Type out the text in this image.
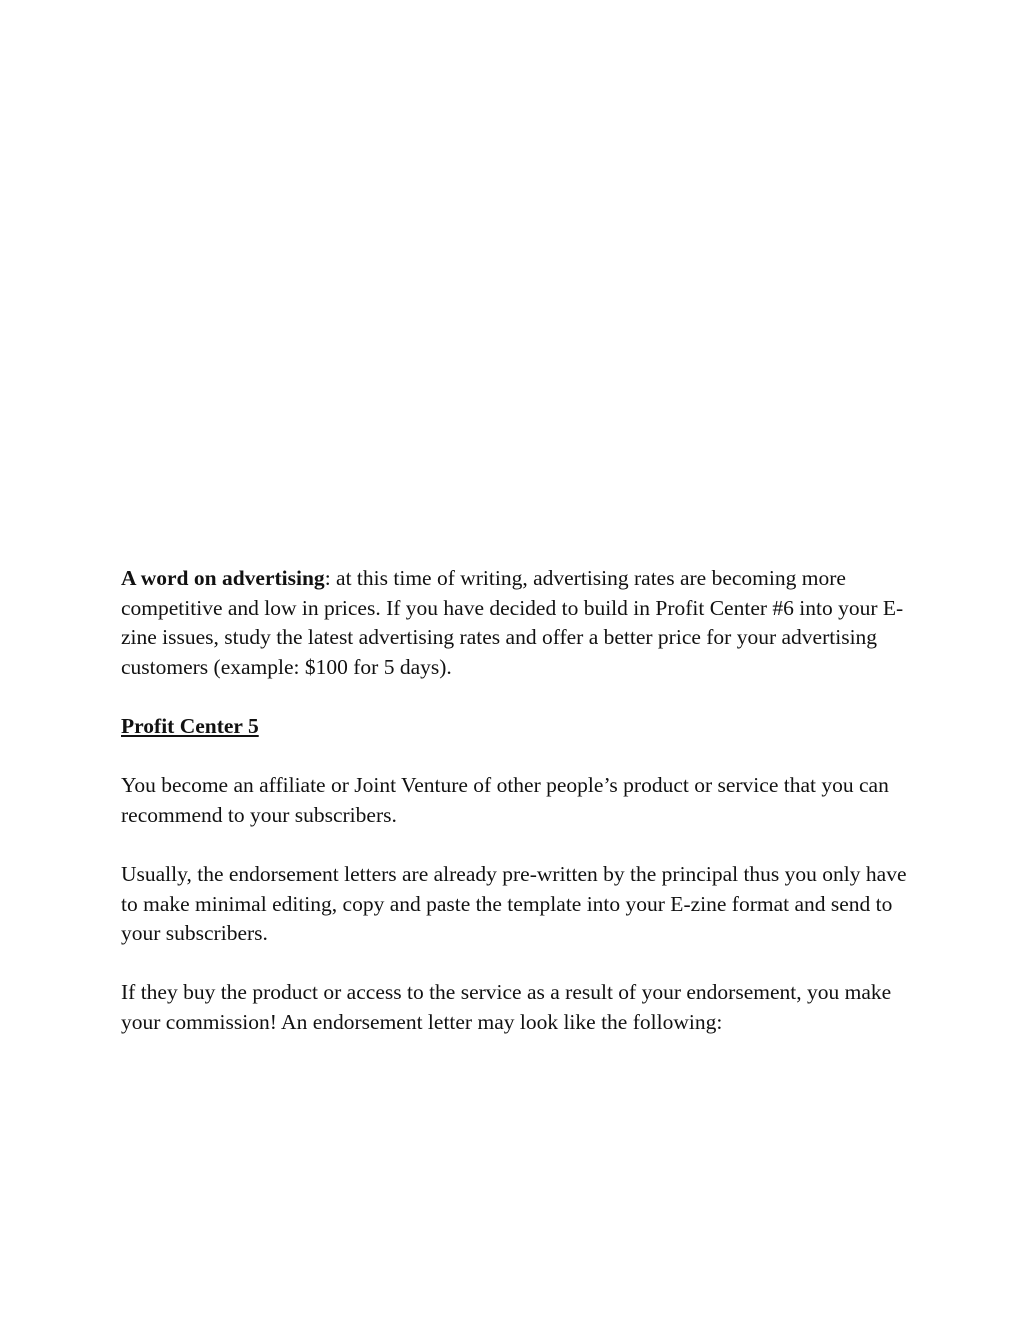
A word on advertising: at this time of writing, advertising rates are becoming more competitive and low in prices. If you have decided to build in Profit Center #6 into your E-zine issues, study the latest advertising rates and offer a better price for your advertising customers (example: $100 for 5 days).

Profit Center 5

You become an affiliate or Joint Venture of other people’s product or service that you can recommend to your subscribers.

Usually, the endorsement letters are already pre-written by the principal thus you only have to make minimal editing, copy and paste the template into your E-zine format and send to your subscribers.

If they buy the product or access to the service as a result of your endorsement, you make your commission! An endorsement letter may look like the following:
